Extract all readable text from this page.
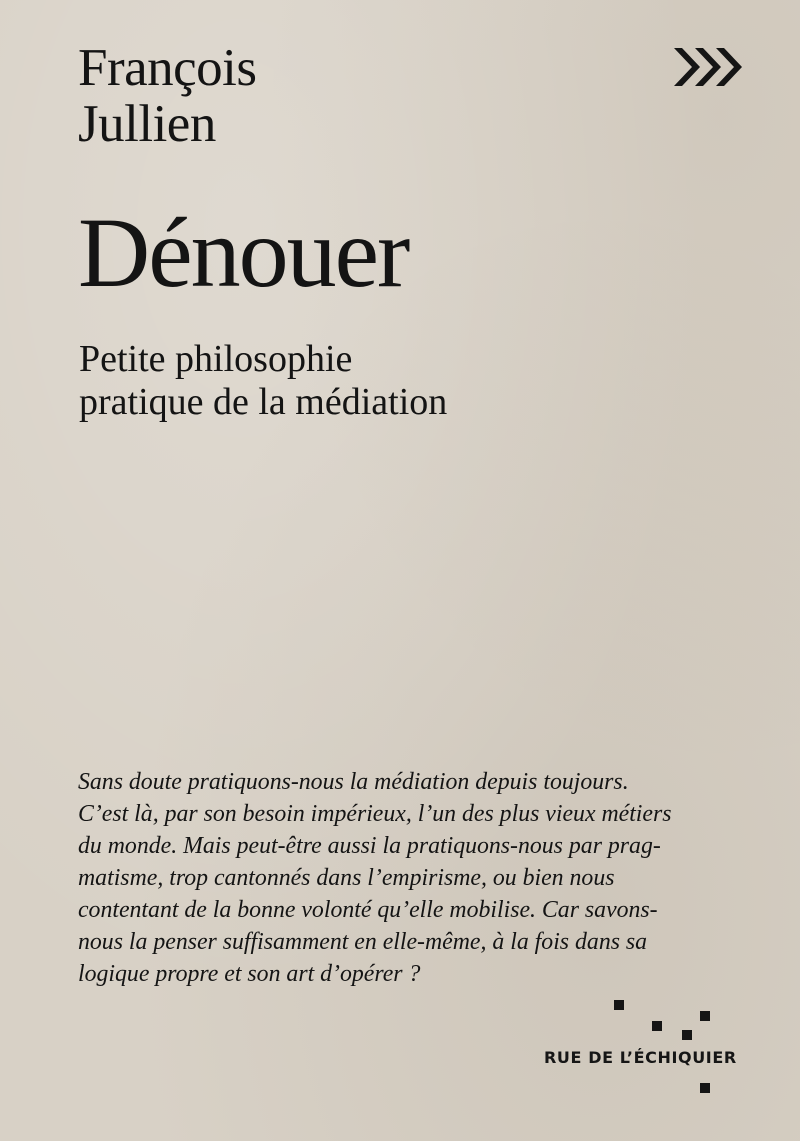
François
Jullien
Dénouer
Petite philosophie
pratique de la médiation

Sans doute pratiquons-nous la médiation depuis toujours.
C’est là, par son besoin impérieux, l’un des plus vieux métiers
du monde. Mais peut-être aussi la pratiquons-nous par prag-
matisme, trop cantonnés dans l’empirisme, ou bien nous
contentant de la bonne volonté qu’elle mobilise. Car savons-
nous la penser suffisamment en elle-même, à la fois dans sa
logique propre et son art d’opérer ?

RUE DE L’ÉCHIQUIER
